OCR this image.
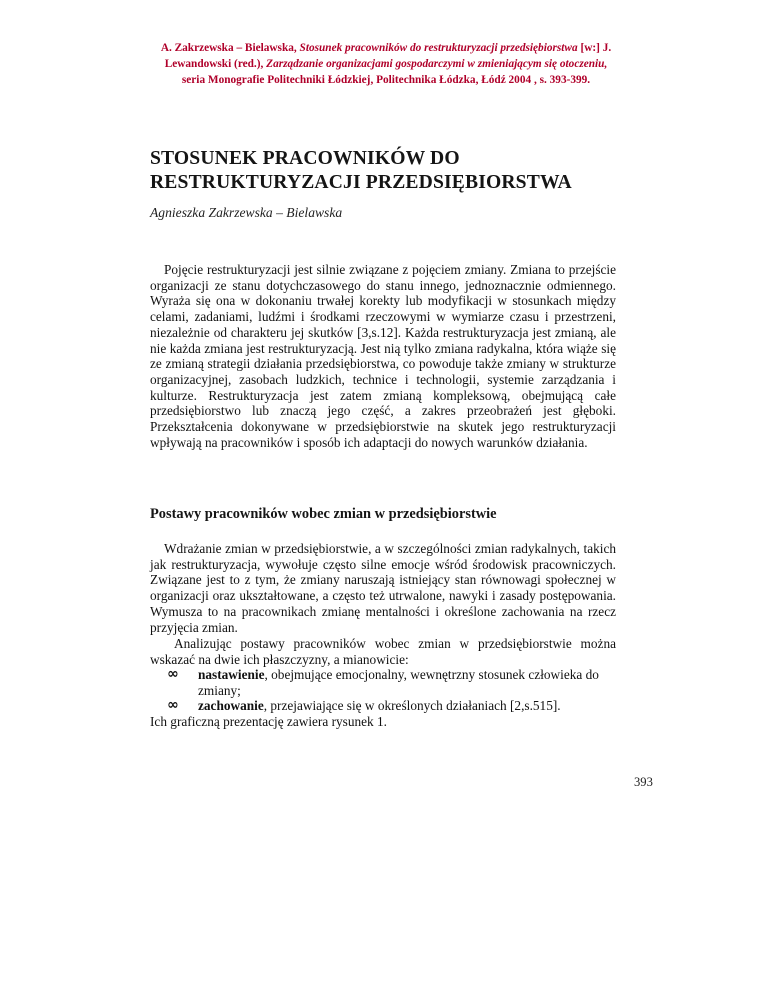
A. Zakrzewska – Bielawska, Stosunek pracowników do restrukturyzacji przedsiębiorstwa [w:] J. Lewandowski (red.), Zarządzanie organizacjami gospodarczymi w zmieniającym się otoczeniu, seria Monografie Politechniki Łódzkiej, Politechnika Łódzka, Łódź 2004 , s. 393-399.
STOSUNEK PRACOWNIKÓW DO
RESTRUKTURYZACJI PRZEDSIĘBIORSTWA
Agnieszka Zakrzewska – Bielawska

Pojęcie restrukturyzacji jest silnie związane z pojęciem zmiany. Zmiana to przejście organizacji ze stanu dotychczasowego do stanu innego, jednoznacznie odmiennego. Wyraża się ona w dokonaniu trwałej korekty lub modyfikacji w stosunkach między celami, zadaniami, ludźmi i środkami rzeczowymi w wymiarze czasu i przestrzeni, niezależnie od charakteru jej skutków [3,s.12]. Każda restrukturyzacja jest zmianą, ale nie każda zmiana jest restrukturyzacją. Jest nią tylko zmiana radykalna, która wiąże się ze zmianą strategii działania przedsiębiorstwa, co powoduje także zmiany w strukturze organizacyjnej, zasobach ludzkich, technice i technologii, systemie zarządzania i kulturze. Restrukturyzacja jest zatem zmianą kompleksową, obejmującą całe przedsiębiorstwo lub znaczą jego część, a zakres przeobrażeń jest głęboki. Przekształcenia dokonywane w przedsiębiorstwie na skutek jego restrukturyzacji wpływają na pracowników i sposób ich adaptacji do nowych warunków działania.

Postawy pracowników wobec zmian w przedsiębiorstwie

Wdrażanie zmian w przedsiębiorstwie, a w szczególności zmian radykalnych, takich jak restrukturyzacja, wywołuje często silne emocje wśród środowisk pracowniczych. Związane jest to z tym, że zmiany naruszają istniejący stan równowagi społecznej w organizacji oraz ukształtowane, a często też utrwalone, nawyki i zasady postępowania. Wymusza to na pracownikach zmianę mentalności i określone zachowania na rzecz przyjęcia zmian.

Analizując postawy pracowników wobec zmian w przedsiębiorstwie można wskazać na dwie ich płaszczyzny, a mianowicie:

∞ nastawienie, obejmujące emocjonalny, wewnętrzny stosunek człowieka do zmiany;
∞ zachowanie, przejawiające się w określonych działaniach [2,s.515].

Ich graficzną prezentację zawiera rysunek 1.

393
